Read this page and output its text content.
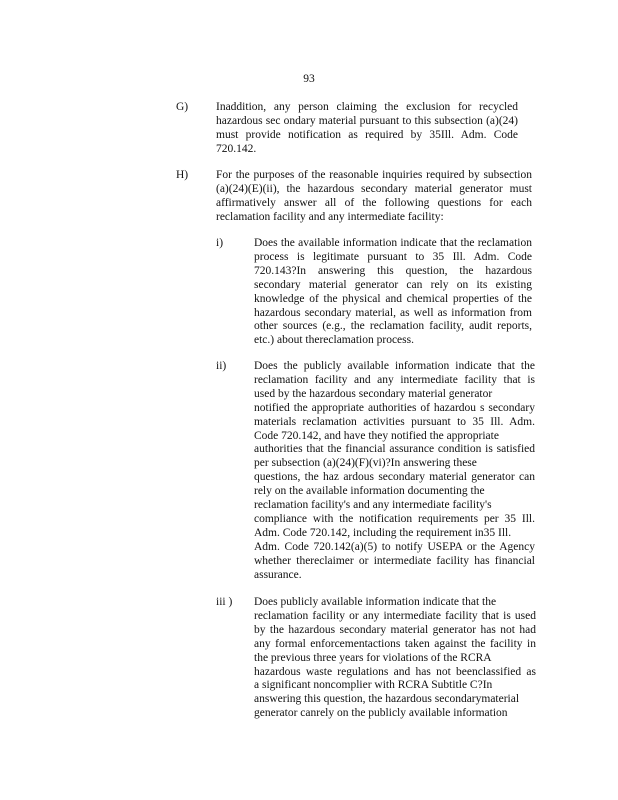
93
G) Inaddition, any person claiming the exclusion for recycled
hazardous sec ondary material pursuant to this subsection (a)(24)
must provide notification as required by 35Ill. Adm. Code
720.142.
H) For the purposes of the reasonable inquiries required by subsection
(a)(24)(E)(ii), the hazardous secondary material generator must
affirmatively answer all of the following questions for each
reclamation facility and any intermediate facility:
i)	Does the available information indicate that the reclamation
process is legitimate pursuant to 35 Ill. Adm. Code
720.143?In answering this question, the hazardous
secondary material generator can rely on its existing
knowledge of the physical and chemical properties of the
hazardous secondary material, as well as information from
other sources (e.g., the reclamation facility, audit reports,
etc.) about thereclamation process.
ii) Does the publicly available information indicate that the
reclamation facility and any intermediate facility that is
used by the hazardous secondary material generator
notified the appropriate authorities of hazardou s secondary
materials reclamation activities pursuant to 35 Ill. Adm.
Code 720.142, and have they notified the appropriate
authorities that the financial assurance condition is satisfied
per subsection (a)(24)(F)(vi)?In answering these
questions, the haz ardous secondary material generator can
rely on the available information documenting the
reclamation facility's and any intermediate facility's
compliance with the notification requirements per 35 Ill.
Adm. Code 720.142, including the requirement in35 Ill.
Adm. Code 720.142(a)(5) to notify USEPA or the Agency
whether thereclaimer or intermediate facility has financial
assurance.
iii ) Does publicly available information indicate that the
reclamation facility or any intermediate facility that is used
by the hazardous secondary material generator has not had
any formal enforcementactions taken against the facility in
the previous three years for violations of the RCRA
hazardous waste regulations and has not beenclassified as
a significant noncomplier with RCRA Subtitle C?In
answering this question, the hazardous secondarymaterial
generator canrely on the publicly available information
